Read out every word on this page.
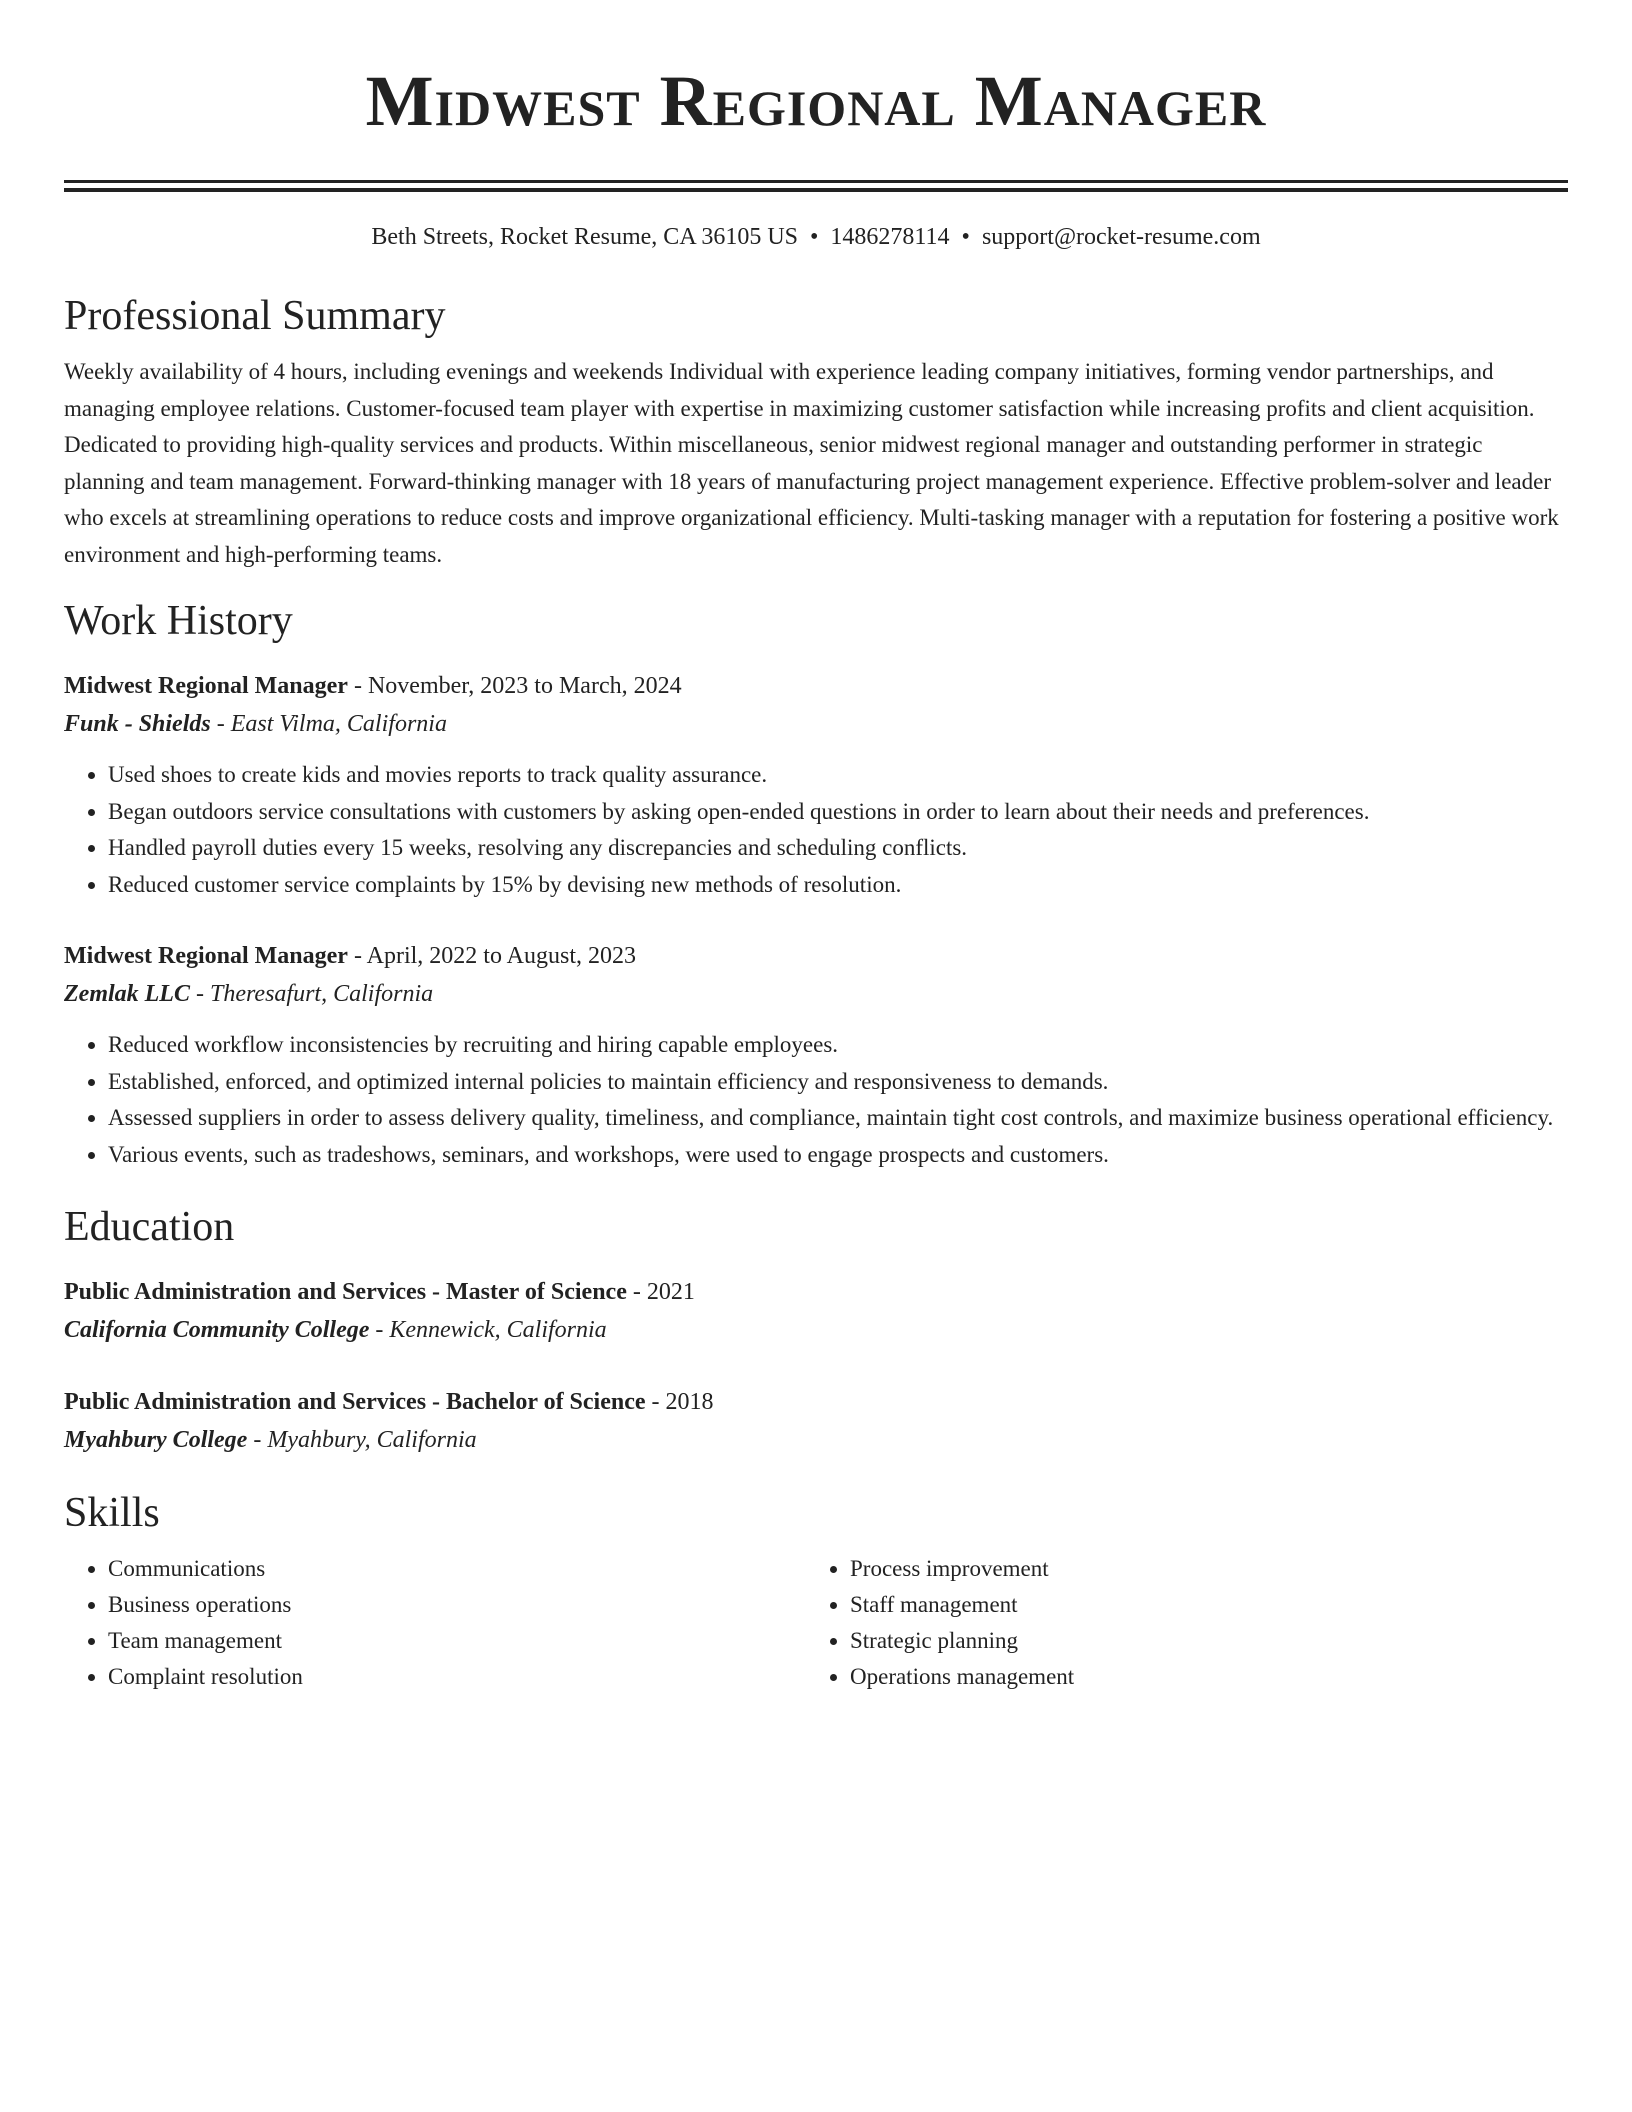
Midwest Regional Manager
Beth Streets, Rocket Resume, CA 36105 US • 1486278114 • support@rocket-resume.com
Professional Summary

Weekly availability of 4 hours, including evenings and weekends Individual with experience leading company initiatives, forming vendor partnerships, and managing employee relations. Customer-focused team player with expertise in maximizing customer satisfaction while increasing profits and client acquisition. Dedicated to providing high-quality services and products. Within miscellaneous, senior midwest regional manager and outstanding performer in strategic planning and team management. Forward-thinking manager with 18 years of manufacturing project management experience. Effective problem-solver and leader who excels at streamlining operations to reduce costs and improve organizational efficiency. Multi-tasking manager with a reputation for fostering a positive work environment and high-performing teams.

Work History
Midwest Regional Manager - November, 2023 to March, 2024
Funk - Shields - East Vilma, California
• Used shoes to create kids and movies reports to track quality assurance.
• Began outdoors service consultations with customers by asking open-ended questions in order to learn about their needs and preferences.
• Handled payroll duties every 15 weeks, resolving any discrepancies and scheduling conflicts.
• Reduced customer service complaints by 15% by devising new methods of resolution.
Midwest Regional Manager - April, 2022 to August, 2023
Zemlak LLC - Theresafurt, California
• Reduced workflow inconsistencies by recruiting and hiring capable employees.
• Established, enforced, and optimized internal policies to maintain efficiency and responsiveness to demands.
• Assessed suppliers in order to assess delivery quality, timeliness, and compliance, maintain tight cost controls, and maximize business operational efficiency.
• Various events, such as tradeshows, seminars, and workshops, were used to engage prospects and customers.
Education
Public Administration and Services - Master of Science - 2021
California Community College - Kennewick, California
Public Administration and Services - Bachelor of Science - 2018
Myahbury College - Myahbury, California
Skills
• Communications
• Business operations
• Team management
• Complaint resolution
• Process improvement
• Staff management
• Strategic planning
• Operations management
